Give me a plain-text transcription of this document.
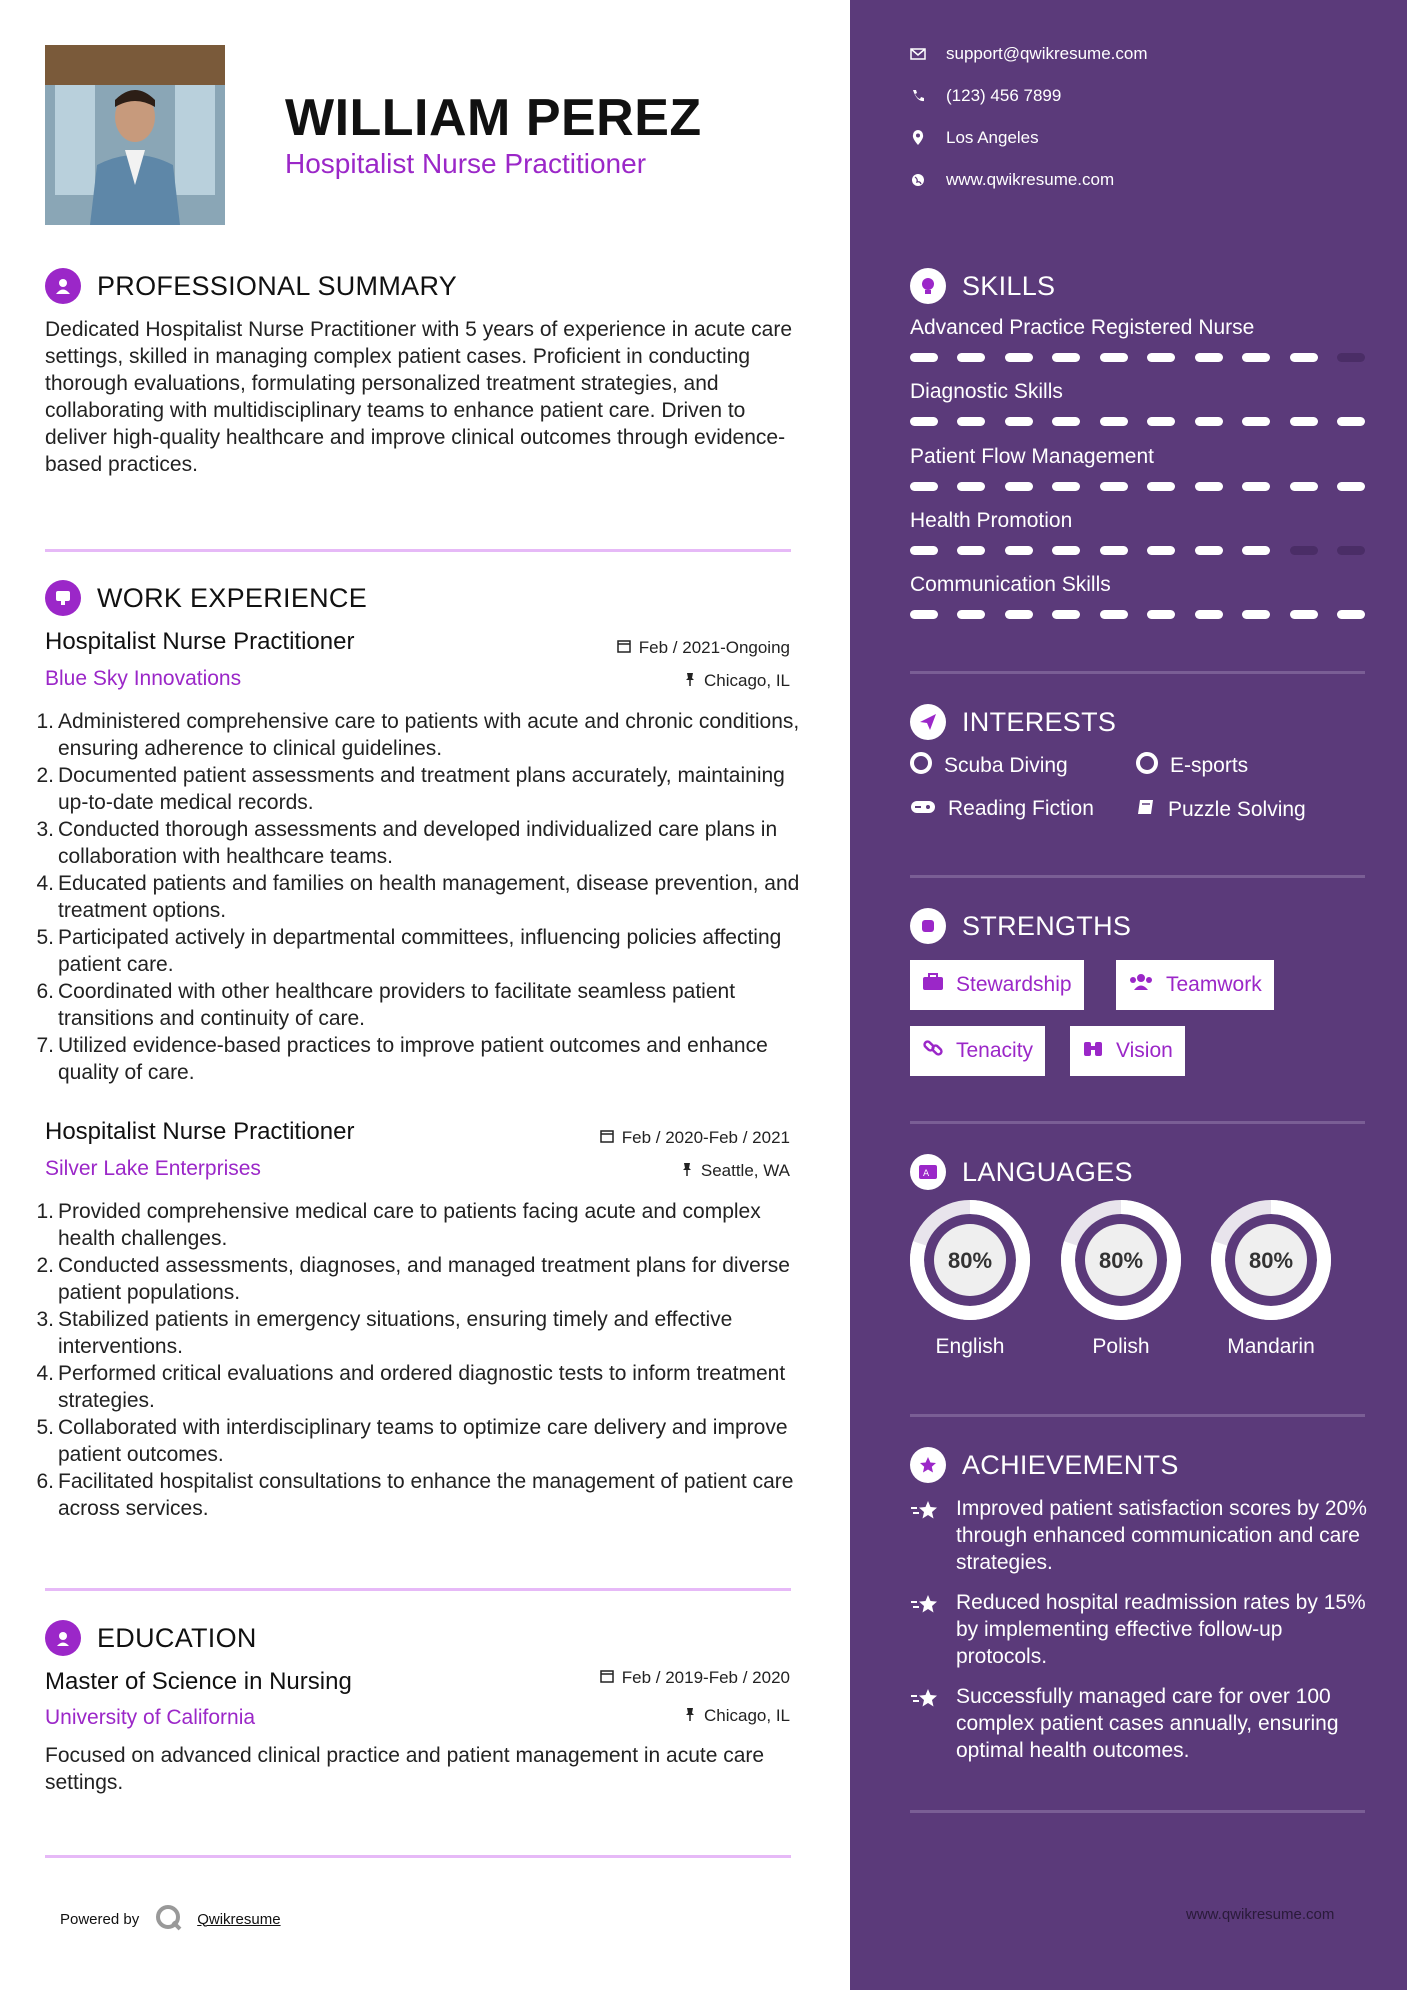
WILLIAM PEREZ
Hospitalist Nurse Practitioner
PROFESSIONAL SUMMARY
Dedicated Hospitalist Nurse Practitioner with 5 years of experience in acute care settings, skilled in managing complex patient cases. Proficient in conducting thorough evaluations, formulating personalized treatment strategies, and collaborating with multidisciplinary teams to enhance patient care. Driven to deliver high-quality healthcare and improve clinical outcomes through evidence-based practices.
WORK EXPERIENCE
Hospitalist Nurse Practitioner	Feb / 2021-Ongoing
Blue Sky Innovations	Chicago, IL
1. Administered comprehensive care to patients with acute and chronic conditions, ensuring adherence to clinical guidelines.
2. Documented patient assessments and treatment plans accurately, maintaining up-to-date medical records.
3. Conducted thorough assessments and developed individualized care plans in collaboration with healthcare teams.
4. Educated patients and families on health management, disease prevention, and treatment options.
5. Participated actively in departmental committees, influencing policies affecting patient care.
6. Coordinated with other healthcare providers to facilitate seamless patient transitions and continuity of care.
7. Utilized evidence-based practices to improve patient outcomes and enhance quality of care.
Hospitalist Nurse Practitioner	Feb / 2020-Feb / 2021
Silver Lake Enterprises	Seattle, WA
1. Provided comprehensive medical care to patients facing acute and complex health challenges.
2. Conducted assessments, diagnoses, and managed treatment plans for diverse patient populations.
3. Stabilized patients in emergency situations, ensuring timely and effective interventions.
4. Performed critical evaluations and ordered diagnostic tests to inform treatment strategies.
5. Collaborated with interdisciplinary teams to optimize care delivery and improve patient outcomes.
6. Facilitated hospitalist consultations to enhance the management of patient care across services.
EDUCATION
Master of Science in Nursing	Feb / 2019-Feb / 2020
University of California	Chicago, IL
Focused on advanced clinical practice and patient management in acute care settings.
Powered by	Qwikresume
support@qwikresume.com
(123) 456 7899
Los Angeles
www.qwikresume.com
SKILLS
Advanced Practice Registered Nurse
Diagnostic Skills
Patient Flow Management
Health Promotion
Communication Skills
INTERESTS
Scuba Diving	E-sports
Reading Fiction	Puzzle Solving
STRENGTHS
Stewardship	Teamwork
Tenacity	Vision
A LANGUAGES
80%
English
80%
Polish
80%
Mandarin
ACHIEVEMENTS
Improved patient satisfaction scores by 20% through enhanced communication and care strategies.
Reduced hospital readmission rates by 15% by implementing effective follow-up protocols.
Successfully managed care for over 100 complex patient cases annually, ensuring optimal health outcomes.
www.qwikresume.com
